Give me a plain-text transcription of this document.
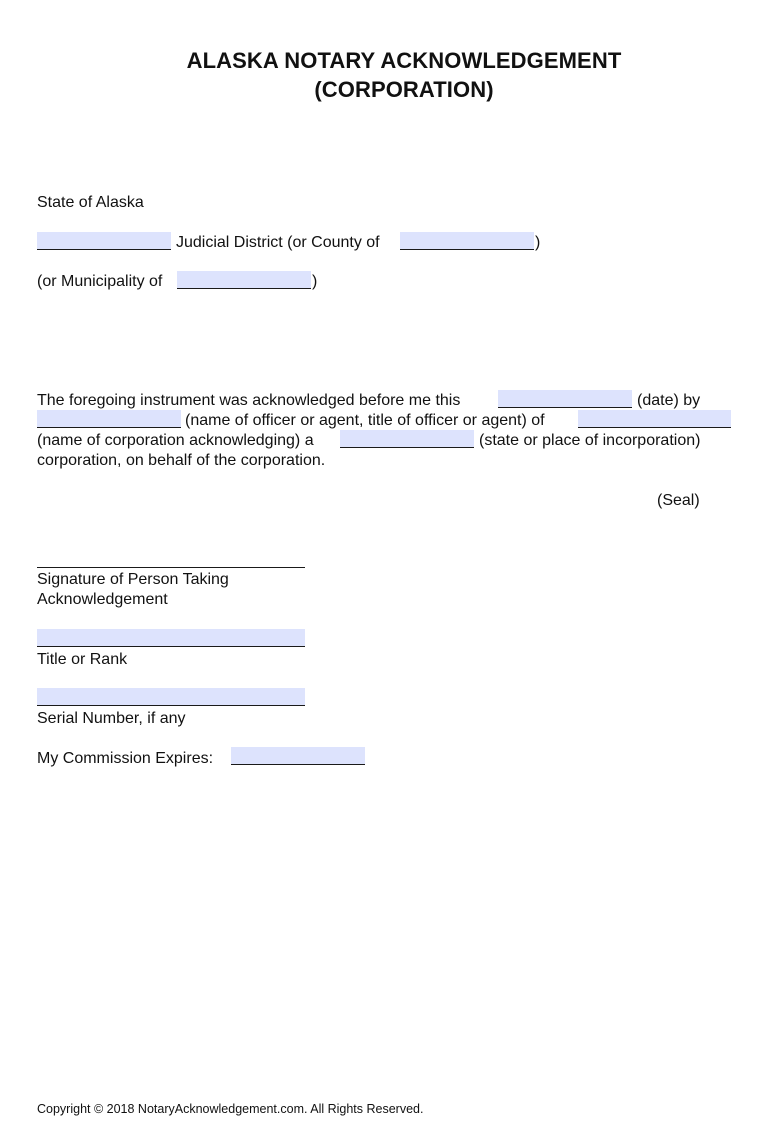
ALASKA NOTARY ACKNOWLEDGEMENT
(CORPORATION)
State of Alaska
Judicial District (or County of	)
(or Municipality of	)
The foregoing instrument was acknowledged before me this	(date) by
(name of officer or agent, title of officer or agent) of
(name of corporation acknowledging) a	(state or place of incorporation)
corporation, on behalf of the corporation.
(Seal)
Signature of Person Taking
Acknowledgement
Title or Rank
Serial Number, if any
My Commission Expires:
Copyright © 2018 NotaryAcknowledgement.com. All Rights Reserved.
